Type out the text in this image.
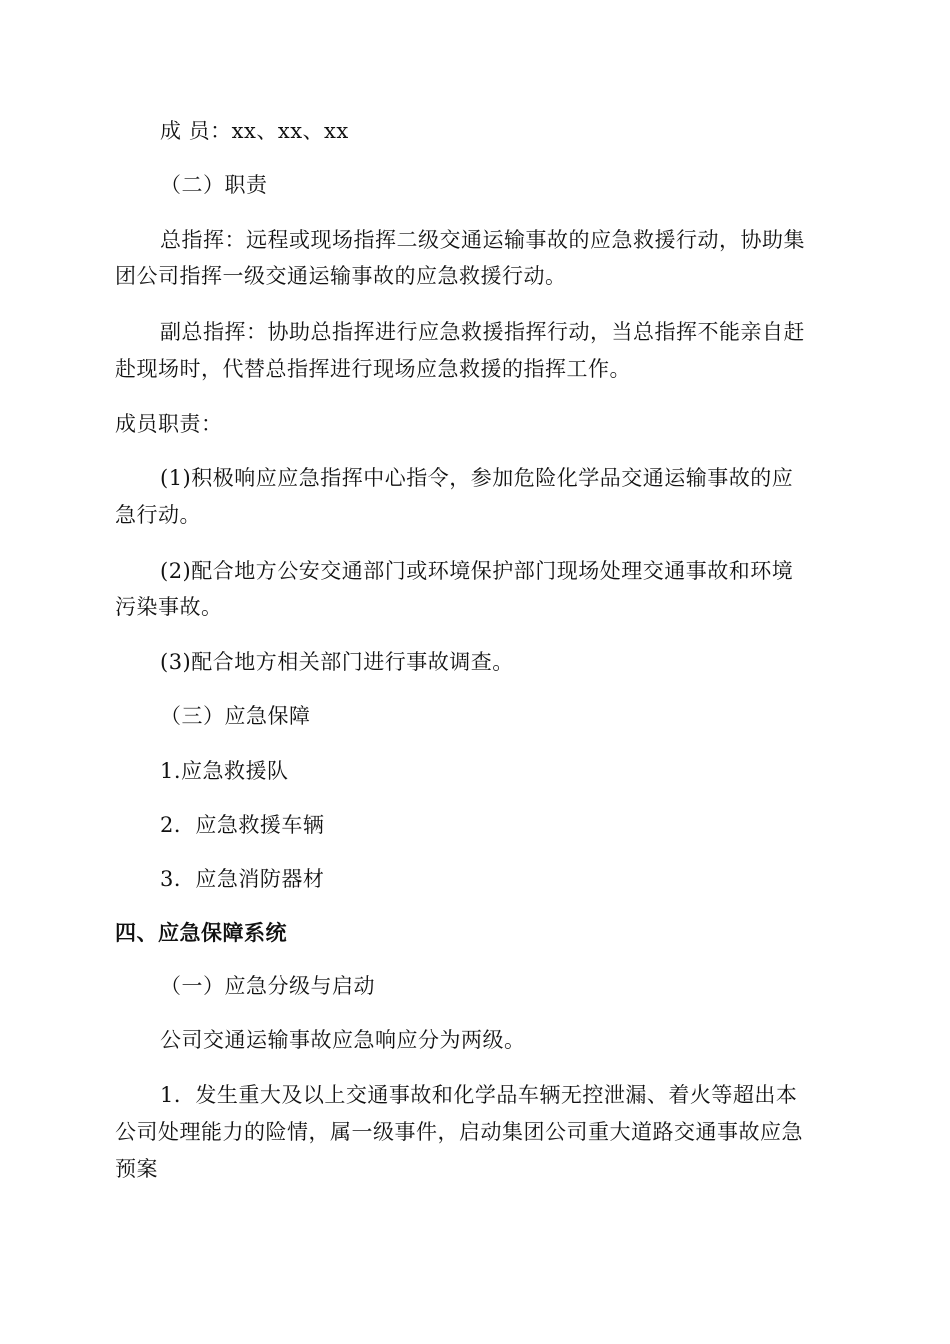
成 员：xx、xx、xx
（二）职责
总指挥：远程或现场指挥二级交通运输事故的应急救援行动，协助集
团公司指挥一级交通运输事故的应急救援行动。
副总指挥：协助总指挥进行应急救援指挥行动，当总指挥不能亲自赶
赴现场时，代替总指挥进行现场应急救援的指挥工作。
成员职责：
(1)积极响应应急指挥中心指令，参加危险化学品交通运输事故的应
急行动。
(2)配合地方公安交通部门或环境保护部门现场处理交通事故和环境
污染事故。
(3)配合地方相关部门进行事故调查。
（三）应急保障
1.应急救援队
2．应急救援车辆
3．应急消防器材
四、应急保障系统
（一）应急分级与启动
公司交通运输事故应急响应分为两级。
1．发生重大及以上交通事故和化学品车辆无控泄漏、着火等超出本
公司处理能力的险情，属一级事件，启动集团公司重大道路交通事故应急
预案
